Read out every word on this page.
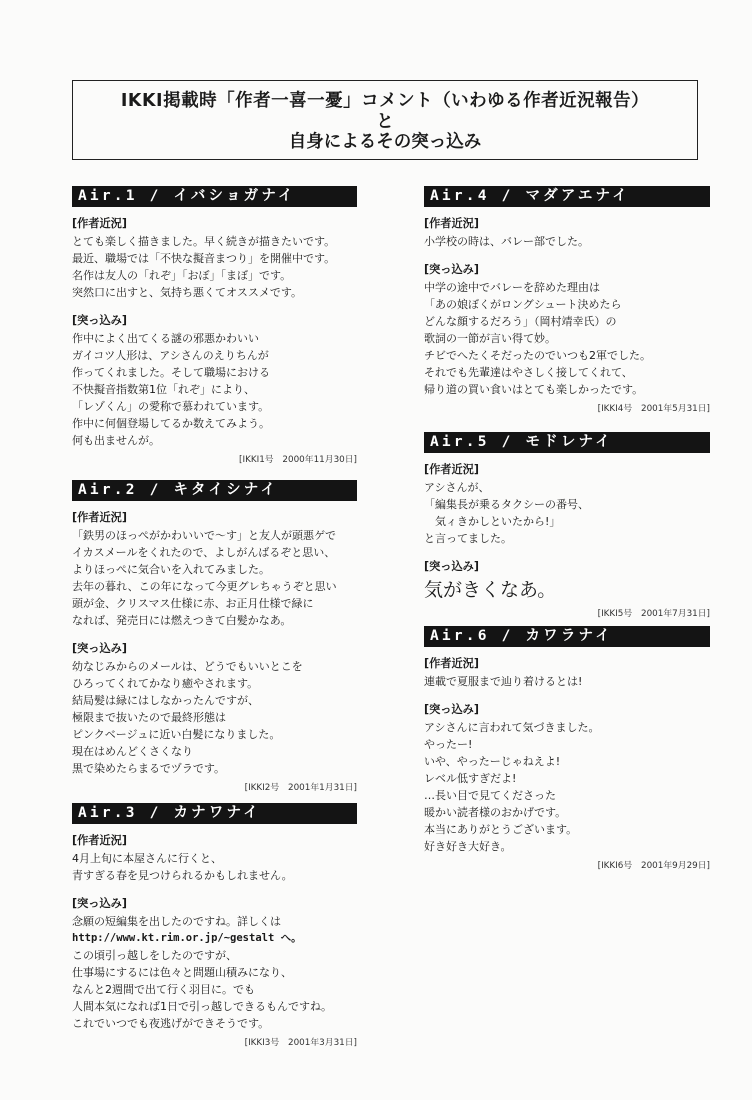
IKKI掲載時「作者一喜一憂」コメント（いわゆる作者近況報告）
と
自身によるその突っ込み
Air.1 / イバショガナイ
[作者近況]
とても楽しく描きました。早く続きが描きたいです。
最近、職場では「不快な擬音まつり」を開催中です。
名作は友人の「れぞ」「おぼ」「まぼ」です。
突然口に出すと、気持ち悪くてオススメです。
[突っ込み]
作中によく出てくる謎の邪悪かわいい
ガイコツ人形は、アシさんのえりちんが
作ってくれました。そして職場における
不快擬音指数第1位「れぞ」により、
「レゾくん」の愛称で慕われています。
作中に何個登場してるか数えてみよう。
何も出ませんが。
[IKKI1号　2000年11月30日]
Air.2 / キタイシナイ
[作者近況]
「鉄男のほっぺがかわいいで～す」と友人が頭悪ゲで
イカスメールをくれたので、よしがんばるぞと思い、
よりほっぺに気合いを入れてみました。
去年の暮れ、この年になって今更グレちゃうぞと思い
頭が金、クリスマス仕様に赤、お正月仕様で緑に
なれば、発売日には燃えつきて白髪かなあ。
[突っ込み]
幼なじみからのメールは、どうでもいいとこを
ひろってくれてかなり癒やされます。
結局髪は緑にはしなかったんですが、
極限まで抜いたので最終形態は
ピンクベージュに近い白髪になりました。
現在はめんどくさくなり
黒で染めたらまるでヅラです。
[IKKI2号　2001年1月31日]
Air.3 / カナワナイ
[作者近況]
4月上旬に本屋さんに行くと、
青すぎる春を見つけられるかもしれません。
[突っ込み]
念願の短編集を出したのですね。詳しくは
http://www.kt.rim.or.jp/~gestalt へ。
この頃引っ越しをしたのですが、
仕事場にするには色々と問題山積みになり、
なんと2週間で出て行く羽目に。でも
人間本気になれば1日で引っ越しできるもんですね。
これでいつでも夜逃げができそうです。
[IKKI3号　2001年3月31日]
Air.4 / マダアエナイ
[作者近況]
小学校の時は、バレー部でした。
[突っ込み]
中学の途中でバレーを辞めた理由は
「あの娘ぼくがロングシュート決めたら
どんな顔するだろう」（岡村靖幸氏）の
歌詞の一節が言い得て妙。
チビでへたくそだったのでいつも2軍でした。
それでも先輩達はやさしく接してくれて、
帰り道の買い食いはとても楽しかったです。
[IKKI4号　2001年5月31日]
Air.5 / モドレナイ
[作者近況]
アシさんが、
「編集長が乗るタクシーの番号、
　気ィきかしといたから!」
と言ってました。
[突っ込み]
気がきくなあ。
[IKKI5号　2001年7月31日]
Air.6 / カワラナイ
[作者近況]
連載で夏服まで辿り着けるとは!
[突っ込み]
アシさんに言われて気づきました。
やったー!
いや、やったーじゃねえよ!
レベル低すぎだよ!
…長い目で見てくださった
暖かい読者様のおかげです。
本当にありがとうございます。
好き好き大好き。
[IKKI6号　2001年9月29日]
